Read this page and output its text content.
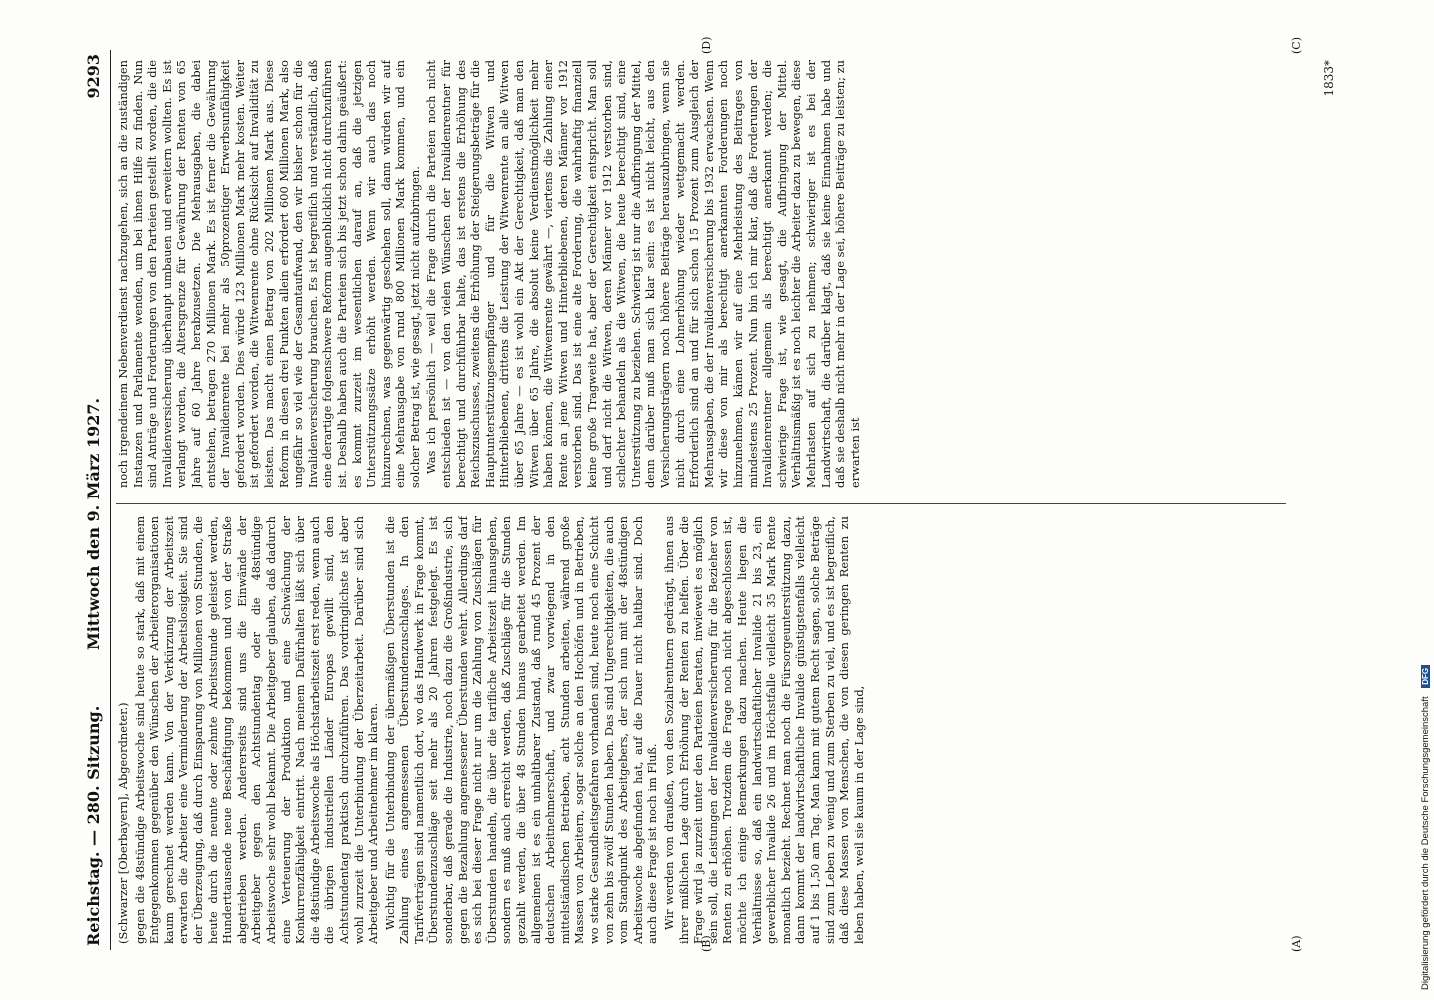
Reichstag. — 280. Sitzung.
Mittwoch den 9. März 1927.
9293

(Schwarzer [Oberbayern], Abgeordneter.) gegen die 48stündige Arbeitswoche sind heute so stark, daß mit einem Entgegenkommen gegenüber den Wünschen der Arbeiterorganisationen kaum gerechnet werden kann. Von der Verkürzung der Arbeitszeit erwarten die Arbeiter eine Verminderung der Arbeitslosigkeit. Sie sind der Überzeugung, daß durch Einsparung von Millionen von Stunden, die heute durch die neunte oder zehnte Arbeitsstunde geleistet werden, Hunderttausende neue Beschäftigung bekommen und von der Straße abgetrieben werden. Andererseits sind uns die Einwände der Arbeitgeber gegen den Achtstundentag oder die 48stündige Arbeitswoche sehr wohl bekannt. Die Arbeitgeber glauben, daß dadurch eine Verteuerung der Produktion und eine Schwächung der Konkurrenzfähigkeit eintritt. Nach meinem Dafürhalten läßt sich über die 48stündige Arbeitswoche als Höchstarbeitszeit erst reden, wenn auch die übrigen industriellen Länder Europas gewillt sind, den Achtstundentag praktisch durchzuführen. Das vordringlichste ist aber wohl zurzeit die Unterbindung der Überzeitarbeit. Darüber sind sich Arbeitgeber und Arbeitnehmer im klaren. Wichtig für die Unterbindung der übermäßigen Überstunden ist die Zahlung eines angemessenen Überstundenzuschlages. In den Tarifverträgen sind namentlich dort, wo das Handwerk in Frage kommt, Überstundenzuschläge seit mehr als 20 Jahren festgelegt. Es ist sonderbar, daß gerade die Industrie, noch dazu die Großindustrie, sich gegen die Bezahlung angemessener Überstunden wehrt. Allerdings darf es sich bei dieser Frage nicht nur um die Zahlung von Zuschlägen für Überstunden handeln, die über die tarifliche Arbeitszeit hinausgehen, sondern es muß auch erreicht werden, daß Zuschläge für die Stunden gezahlt werden, die über 48 Stunden hinaus gearbeitet werden. Im allgemeinen ist es ein unhaltbarer Zustand, daß rund 45 Prozent der deutschen Arbeitnehmerschaft, und zwar vorwiegend in den mittelständischen Betrieben, acht Stunden arbeiten, während große Massen von Arbeitern, sogar solche an den Hochöfen und in Betrieben, wo starke Gesundheitsgefahren vorhanden sind, heute noch eine Schicht von zehn bis zwölf Stunden haben. Das sind Ungerechtigkeiten, die auch vom Standpunkt des Arbeitgebers, der sich nun mit der 48stündigen Arbeitswoche abgefunden hat, auf die Dauer nicht haltbar sind. Doch auch diese Frage ist noch im Fluß. Wir werden von draußen, von den Sozialrentnern gedrängt, ihnen aus ihrer mißlichen Lage durch Erhöhung der Renten zu helfen. Über die Frage wird ja zurzeit unter den Parteien beraten, inwieweit es möglich sein soll, die Leistungen der Invalidenversicherung für die Bezieher von Renten zu erhöhen. Trotzdem die Frage noch nicht abgeschlossen ist, möchte ich einige Bemerkungen dazu machen. Heute liegen die Verhältnisse so, daß ein landwirtschaftlicher Invalide 21 bis 23, ein gewerblicher Invalide 26 und im Höchstfalle vielleicht 35 Mark Rente monatlich bezieht. Rechnet man noch die Fürsorgeunterstützung dazu, dann kommt der landwirtschaftliche Invalide günstigstenfalls vielleicht auf 1 bis 1,50 am Tag. Man kann mit gutem Recht sagen, solche Beträge sind zum Leben zu wenig und zum Sterben zu viel, und es ist begreiflich, daß diese Massen von Menschen, die von diesen geringen Renten zu leben haben, weil sie kaum in der Lage sind,

noch irgendeinem Nebenverdienst nachzugehen, sich an die zuständigen Instanzen und Parlamente wenden, um bei ihnen Hilfe zu finden. Nun sind Anträge und Forderungen von den Parteien gestellt worden, die die Invalidenversicherung überhaupt umbauen und erweitern wollten. Es ist verlangt worden, die Altersgrenze für Gewährung der Renten von 65 Jahre auf 60 Jahre herabzusetzen. Die Mehrausgaben, die dabei entstehen, betragen 270 Millionen Mark. Es ist ferner die Gewährung der Invalidenrente bei mehr als 50prozentiger Erwerbsunfähigkeit gefordert worden. Dies würde 123 Millionen Mark mehr kosten. Weiter ist gefordert worden, die Witwenrente ohne Rücksicht auf Invalidität zu leisten. Das macht einen Betrag von 202 Millionen Mark aus. Diese Reform in diesen drei Punkten allein erfordert 600 Millionen Mark, also ungefähr so viel wie der Gesamtaufwand, den wir bisher schon für die Invalidenversicherung brauchen. Es ist begreiflich und verständlich, daß eine derartige folgenschwere Reform augenblicklich nicht durchzuführen ist. Deshalb haben auch die Parteien sich bis jetzt schon dahin geäußert: es kommt zurzeit im wesentlichen darauf an, daß die jetzigen Unterstützungssätze erhöht werden. Wenn wir auch das noch hinzurechnen, was gegenwärtig geschehen soll, dann würden wir auf eine Mehrausgabe von rund 800 Millionen Mark kommen, und ein solcher Betrag ist, wie gesagt, jetzt nicht aufzubringen. Was ich persönlich — weil die Frage durch die Parteien noch nicht entschieden ist — von den vielen Wünschen der Invalidenrentner für berechtigt und durchführbar halte, das ist erstens die Erhöhung des Reichszuschusses, zweitens die Erhöhung der Steigerungsbeträge für die Hauptunterstützungsempfänger und für die Witwen und Hinterbliebenen, drittens die Leistung der Witwenrente an alle Witwen über 65 Jahre — es ist wohl ein Akt der Gerechtigkeit, daß man den Witwen über 65 Jahre, die absolut keine Verdienstmöglichkeit mehr haben können, die Witwenrente gewährt —, viertens die Zahlung einer Rente an jene Witwen und Hinterbliebenen, deren Männer vor 1912 verstorben sind. Das ist eine alte Forderung, die wahrhaftig finanziell keine große Tragweite hat, aber der Gerechtigkeit entspricht. Man soll und darf nicht die Witwen, deren Männer vor 1912 verstorben sind, schlechter behandeln als die Witwen, die heute berechtigt sind, eine Unterstützung zu beziehen. Schwierig ist nur die Aufbringung der Mittel, denn darüber muß man sich klar sein: es ist nicht leicht, aus den Versicherungsträgern noch höhere Beiträge herauszubringen, wenn sie nicht durch eine Lohnerhöhung wieder wettgemacht werden. Erforderlich sind an und für sich schon 15 Prozent zum Ausgleich der Mehrausgaben, die der Invalidenversicherung bis 1932 erwachsen. Wenn wir diese von mir als berechtigt anerkannten Forderungen noch hinzunehmen, kämen wir auf eine Mehrleistung des Beitrages von mindestens 25 Prozent. Nun bin ich mir klar, daß die Forderungen der Invalidenrentner allgemein als berechtigt anerkannt werden; die schwierige Frage ist, wie gesagt, die Aufbringung der Mittel. Verhältnismäßig ist es noch leichter die Arbeiter dazu zu bewegen, diese Mehrlasten auf sich zu nehmen; schwieriger ist es bei der Landwirtschaft, die darüber klagt, daß sie keine Einnahmen habe und daß sie deshalb nicht mehr in der Lage sei, höhere Beiträge zu leisten; zu erwarten ist

(A)
(B)
(C)
(D)
1833*
Digitalisierung gefördert durch die Deutsche Forschungsgemeinschaft DFG
